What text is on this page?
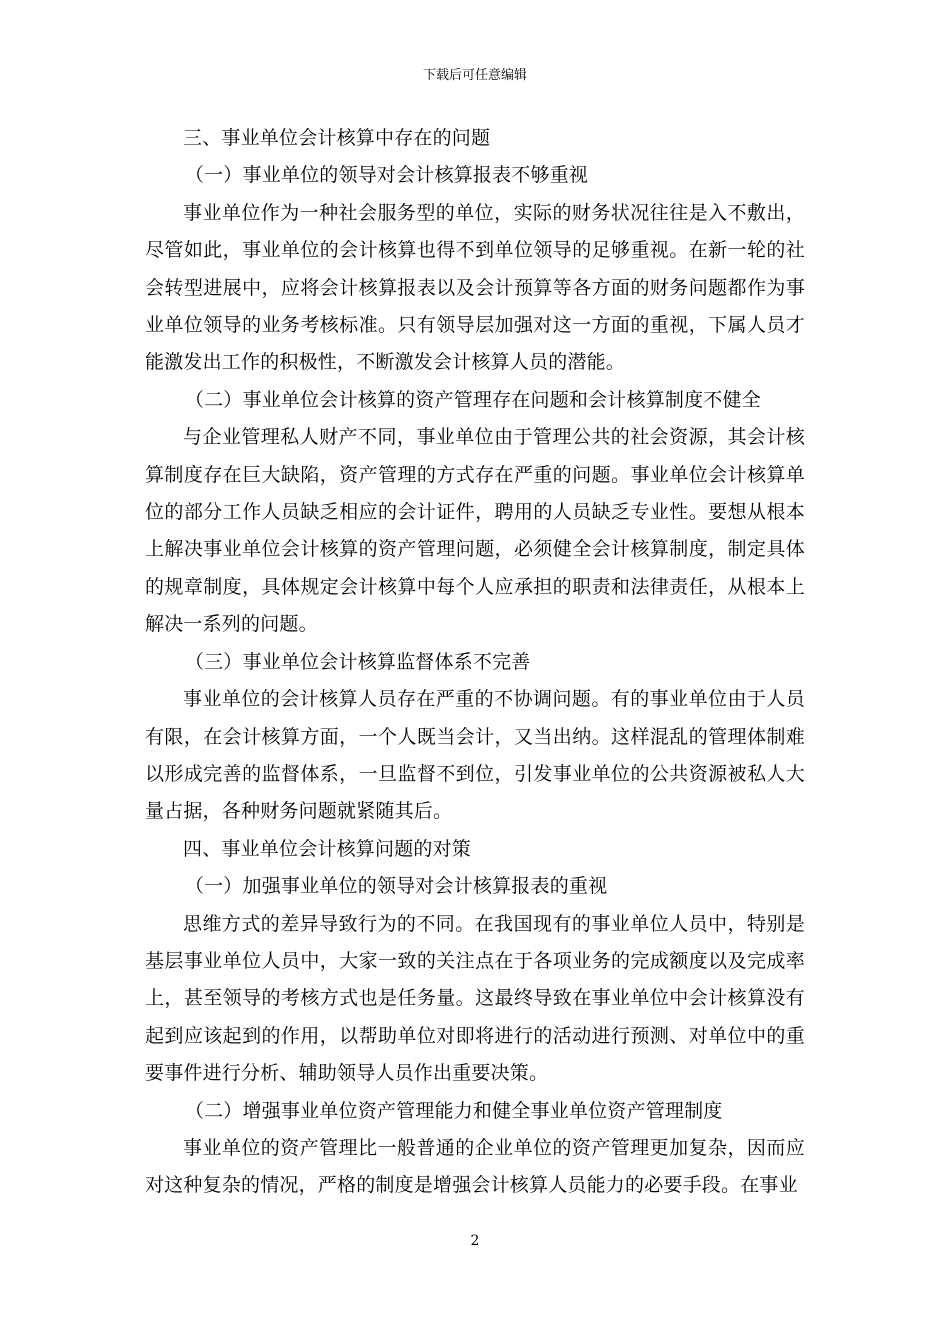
下载后可任意编辑

三、事业单位会计核算中存在的问题

（一）事业单位的领导对会计核算报表不够重视

事业单位作为一种社会服务型的单位，实际的财务状况往往是入不敷出，尽管如此，事业单位的会计核算也得不到单位领导的足够重视。在新一轮的社会转型进展中，应将会计核算报表以及会计预算等各方面的财务问题都作为事业单位领导的业务考核标准。只有领导层加强对这一方面的重视，下属人员才能激发出工作的积极性，不断激发会计核算人员的潜能。

（二）事业单位会计核算的资产管理存在问题和会计核算制度不健全

与企业管理私人财产不同，事业单位由于管理公共的社会资源，其会计核算制度存在巨大缺陷，资产管理的方式存在严重的问题。事业单位会计核算单位的部分工作人员缺乏相应的会计证件，聘用的人员缺乏专业性。要想从根本上解决事业单位会计核算的资产管理问题，必须健全会计核算制度，制定具体的规章制度，具体规定会计核算中每个人应承担的职责和法律责任，从根本上解决一系列的问题。

（三）事业单位会计核算监督体系不完善

事业单位的会计核算人员存在严重的不协调问题。有的事业单位由于人员有限，在会计核算方面，一个人既当会计，又当出纳。这样混乱的管理体制难以形成完善的监督体系，一旦监督不到位，引发事业单位的公共资源被私人大量占据，各种财务问题就紧随其后。

四、事业单位会计核算问题的对策

（一）加强事业单位的领导对会计核算报表的重视

思维方式的差异导致行为的不同。在我国现有的事业单位人员中，特别是基层事业单位人员中，大家一致的关注点在于各项业务的完成额度以及完成率上，甚至领导的考核方式也是任务量。这最终导致在事业单位中会计核算没有起到应该起到的作用，以帮助单位对即将进行的活动进行预测、对单位中的重要事件进行分析、辅助领导人员作出重要决策。

（二）增强事业单位资产管理能力和健全事业单位资产管理制度

事业单位的资产管理比一般普通的企业单位的资产管理更加复杂，因而应对这种复杂的情况，严格的制度是增强会计核算人员能力的必要手段。在事业

2
